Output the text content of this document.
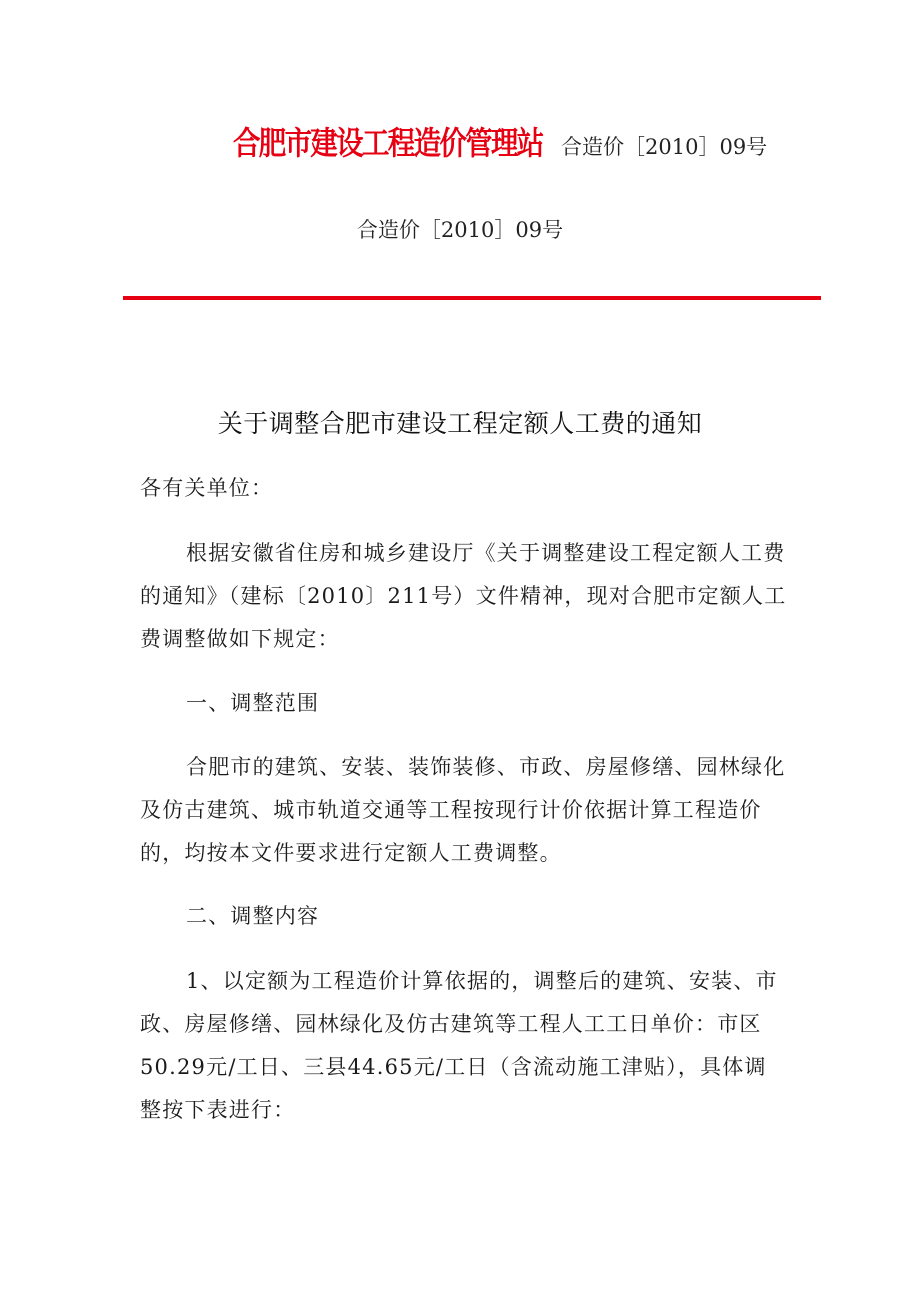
合肥市建设工程造价管理站 合造价［2010］09号
合造价［2010］09号
关于调整合肥市建设工程定额人工费的通知
各有关单位：
根据安徽省住房和城乡建设厅《关于调整建设工程定额人工费的通知》（建标〔2010〕211号）文件精神，现对合肥市定额人工费调整做如下规定：
一、调整范围
合肥市的建筑、安装、装饰装修、市政、房屋修缮、园林绿化及仿古建筑、城市轨道交通等工程按现行计价依据计算工程造价的，均按本文件要求进行定额人工费调整。
二、调整内容
1、以定额为工程造价计算依据的，调整后的建筑、安装、市政、房屋修缮、园林绿化及仿古建筑等工程人工工日单价：市区50.29元/工日、三县44.65元/工日（含流动施工津贴），具体调整按下表进行：
